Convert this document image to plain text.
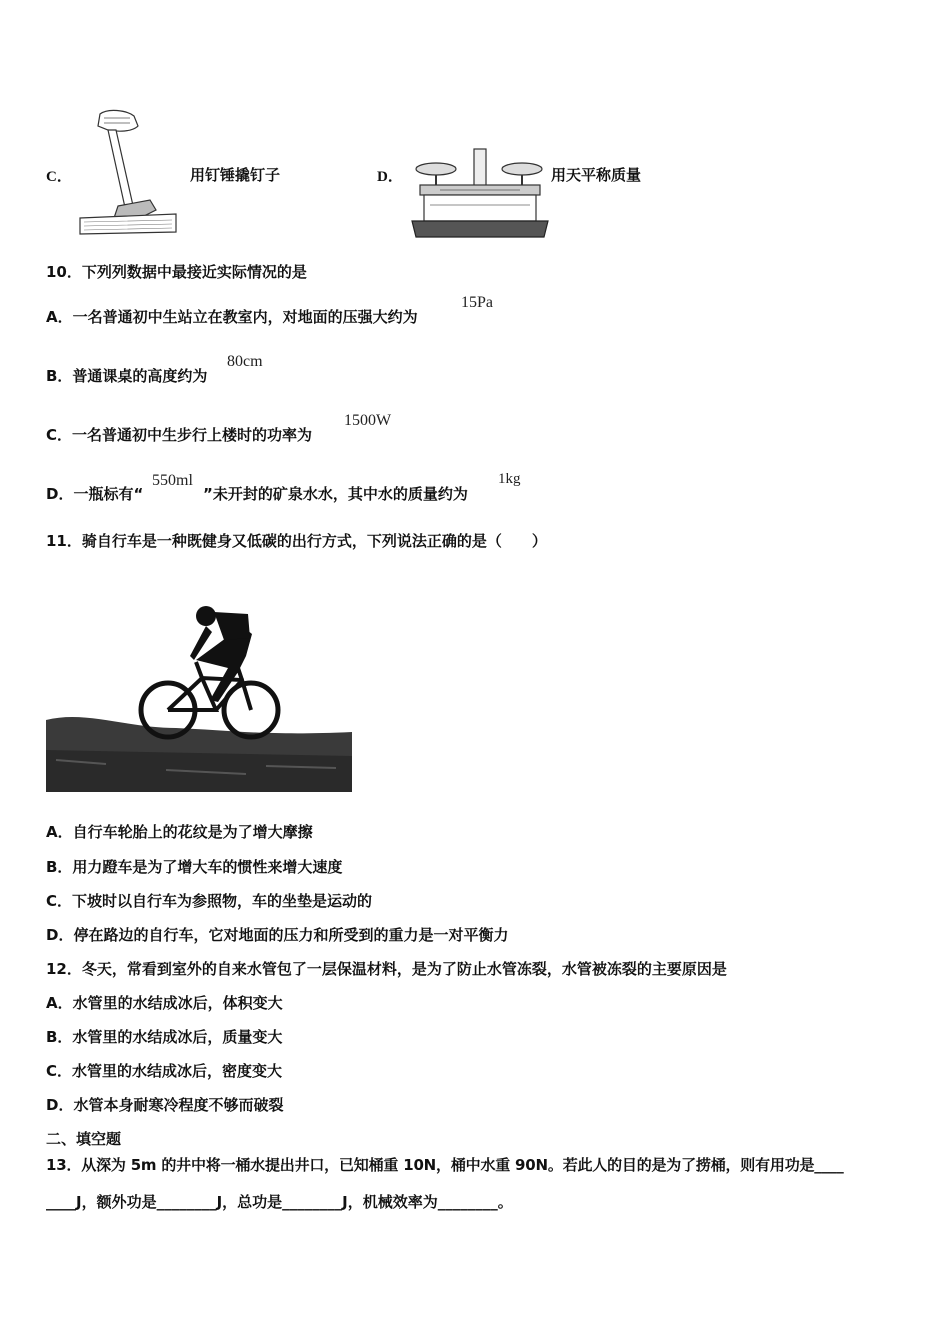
C．	用钉锤撬钉子	D．	用天平称质量
10．下列列数据中最接近实际情况的是
A．一名普通初中生站立在教室内，对地面的压强大约为
15Pa
B．普通课桌的高度约为
80cm
C．一名普通初中生步行上楼时的功率为
1500W
D．一瓶标有“
550ml
”未开封的矿泉水水，其中水的质量约为
1kg
11．骑自行车是一种既健身又低碳的出行方式，下列说法正确的是（　　）
A．自行车轮胎上的花纹是为了增大摩擦
B．用力蹬车是为了增大车的惯性来增大速度
C．下坡时以自行车为参照物，车的坐垫是运动的
D．停在路边的自行车，它对地面的压力和所受到的重力是一对平衡力
12．冬天，常看到室外的自来水管包了一层保温材料，是为了防止水管冻裂，水管被冻裂的主要原因是
A．水管里的水结成冰后，体积变大
B．水管里的水结成冰后，质量变大
C．水管里的水结成冰后，密度变大
D．水管本身耐寒冷程度不够而破裂
二、填空题
13．从深为 5m 的井中将一桶水提出井口，已知桶重 10N，桶中水重 90N。若此人的目的是为了捞桶，则有用功是____
____J，额外功是________J，总功是________J，机械效率为________。
